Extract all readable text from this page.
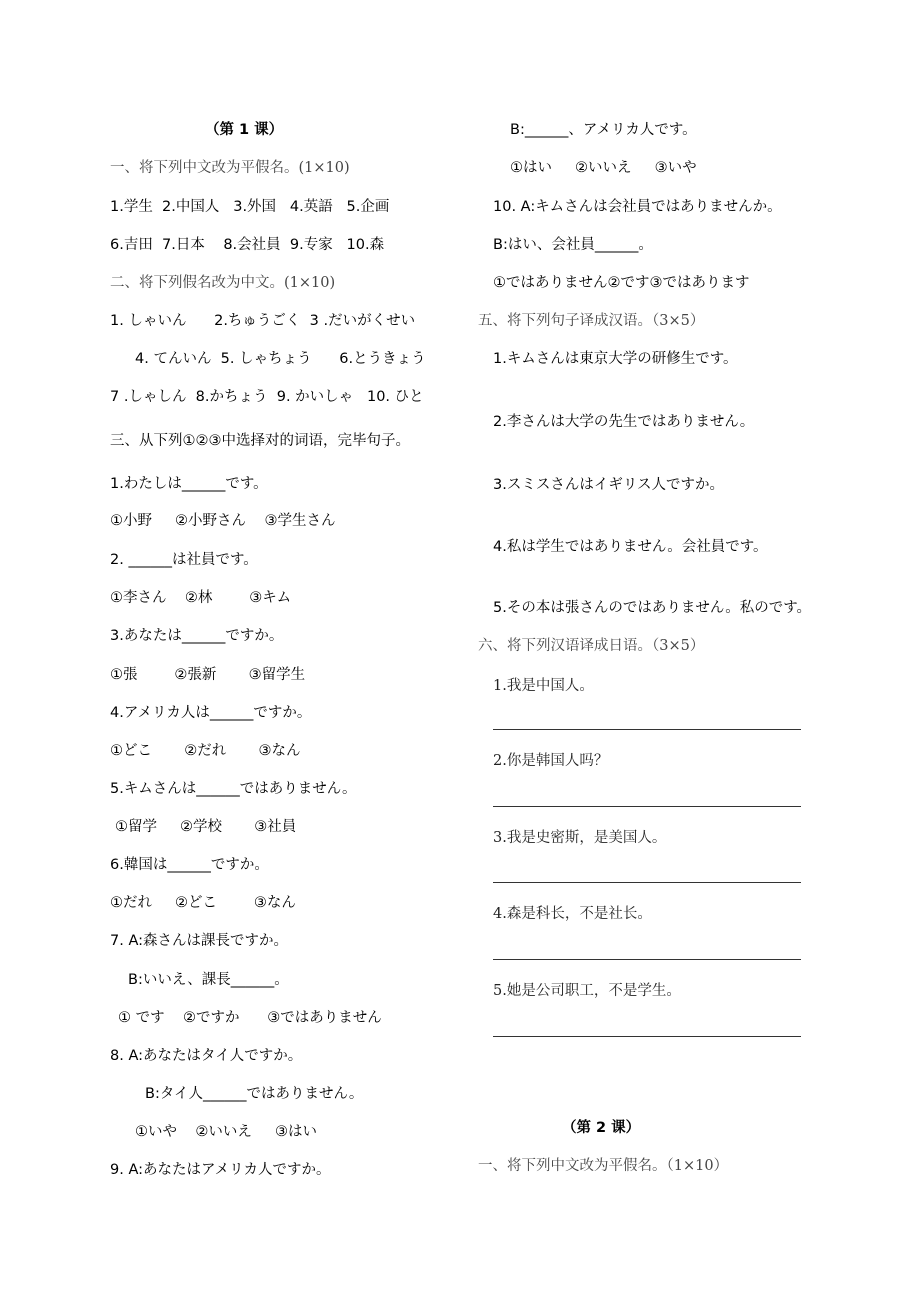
（第 1 课）
一、将下列中文改为平假名。(1×10)
1.学生  2.中国人   3.外国   4.英語   5.企画
6.吉田  7.日本    8.会社員  9.专家   10.森
二、将下列假名改为中文。(1×10)
1. しゃいん      2.ちゅうごく  3 .だいがくせい
4. てんいん  5. しゃちょう      6.とうきょう
7 .しゃしん  8.かちょう  9. かいしゃ   10. ひと
三、从下列①②③中选择对的词语，完毕句子。
1.わたしは______です。
①小野     ②小野さん    ③学生さん
2. ______は社員です。
①李さん    ②林        ③キム
3.あなたは______ですか。
①張        ②張新       ③留学生
4.アメリカ人は______ですか。
①どこ       ②だれ       ③なん
5.キムさんは______ではありません。
①留学     ②学校       ③社員
6.韓国は______ですか。
①だれ     ②どこ        ③なん
7. A:森さんは課長ですか。
B:いいえ、課長______。
① です    ②ですか      ③ではありません
8. A:あなたはタイ人ですか。
B:タイ人______ではありません。
①いや    ②いいえ     ③はい
9. A:あなたはアメリカ人ですか。
B:______、アメリカ人です。
①はい     ②いいえ     ③いや
10. A:キムさんは会社員ではありませんか。
B:はい、会社員______。
①ではありません②です③ではあります
五、将下列句子译成汉语。（3×5）
1.キムさんは東京大学の研修生です。
2.李さんは大学の先生ではありません。
3.スミスさんはイギリス人ですか。
4.私は学生ではありません。会社員です。
5.その本は張さんのではありません。私のです。
六、将下列汉语译成日语。（3×5）
1.我是中国人。
2.你是韩国人吗？
3.我是史密斯，是美国人。
4.森是科长，不是社长。
5.她是公司职工，不是学生。
（第 2 课）
一、将下列中文改为平假名。（1×10）
